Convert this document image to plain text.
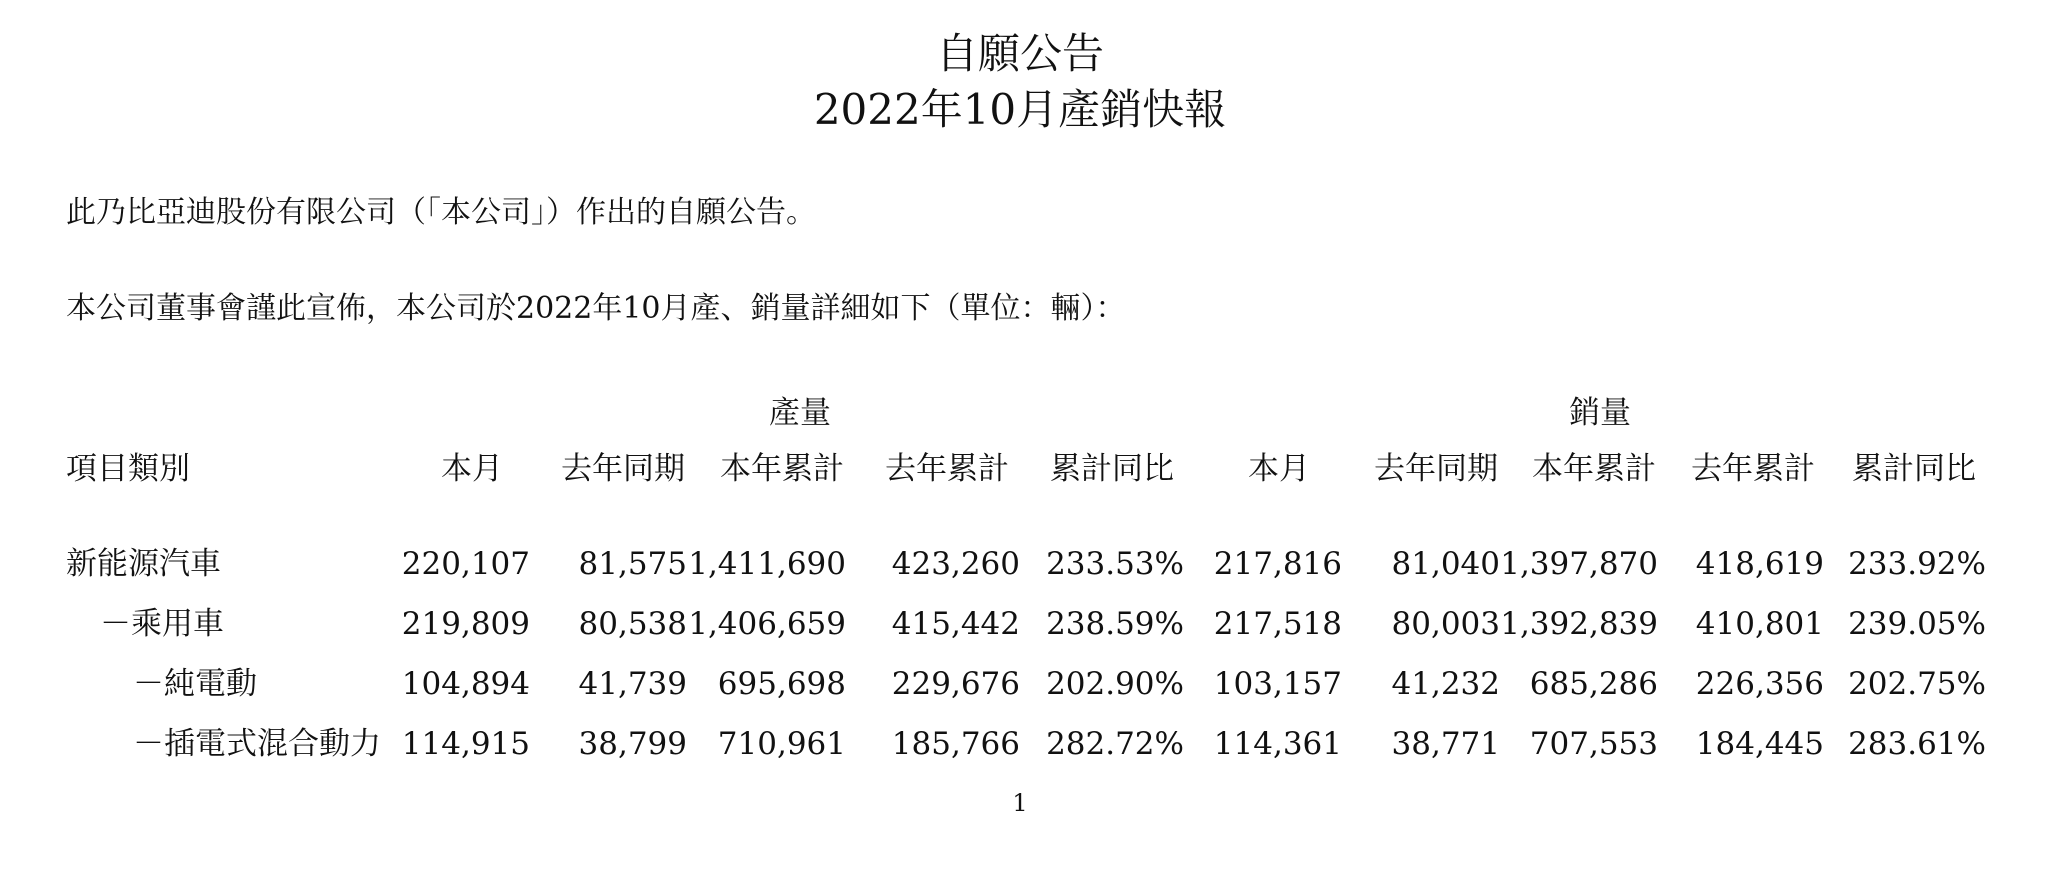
自願公告
2022年10月產銷快報
此乃比亞迪股份有限公司（「本公司」）作出的自願公告。
本公司董事會謹此宣佈，本公司於2022年10月產、銷量詳細如下（單位：輛）：
產量	銷量
項目類別	本月	去年同期	本年累計	去年累計	累計同比	本月	去年同期	本年累計	去年累計	累計同比
新能源汽車	220,107	81,575 1,411,690	423,260 233.53% 217,816	81,040 1,397,870	418,619 233.92%
－乘用車	219,809	80,538 1,406,659	415,442 238.59% 217,518	80,003 1,392,839	410,801 239.05%
－純電動	104,894	41,739 695,698	229,676 202.90% 103,157	41,232 685,286	226,356 202.75%
－插電式混合動力 114,915	38,799 710,961	185,766 282.72% 114,361	38,771 707,553	184,445 283.61%
1
